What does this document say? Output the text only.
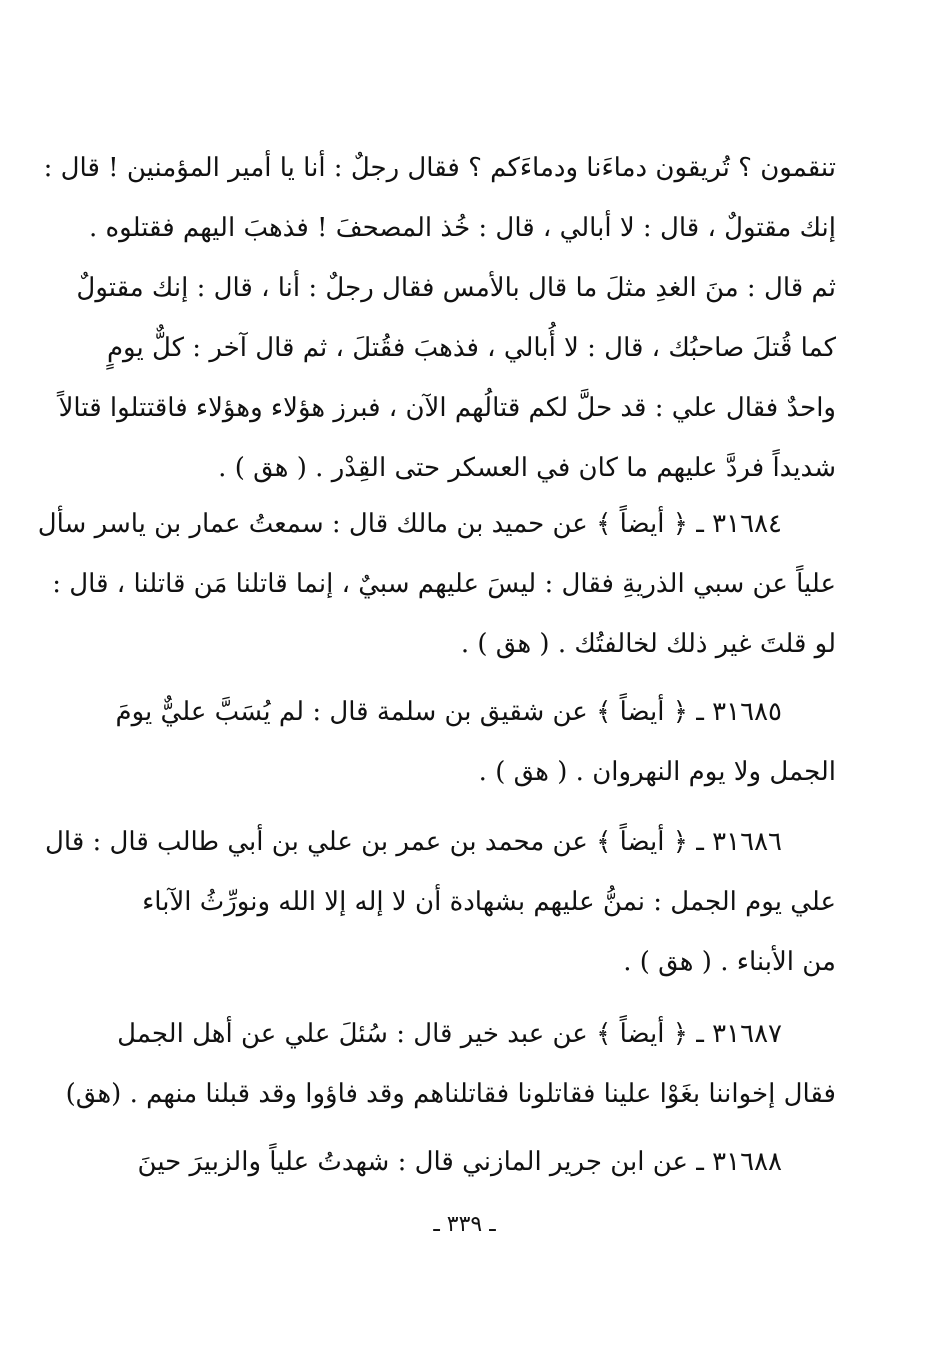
تنقمون ؟ تُريقون دماءَنا ودماءَكم ؟ فقال رجلٌ : أنا يا أمير المؤمنين ! قال :
إنك مقتولٌ ، قال : لا أبالي ، قال : خُذ المصحفَ ! فذهبَ اليهم فقتلوه .
ثم قال : منَ الغدِ مثلَ ما قال بالأمس فقال رجلٌ : أنا ، قال : إنك مقتولٌ
كما قُتلَ صاحبُك ، قال : لا أُبالي ، فذهبَ فقُتلَ ، ثم قال آخر : كلٌّ يومٍ
واحدٌ فقال علي : قد حلَّ لكم قتالُهم الآن ، فبرز هؤلاء وهؤلاء فاقتتلوا قتالاً
شديداً فردَّ عليهم ما كان في العسكر حتى القِدْر . ( هق ) .
٣١٦٨٤ ـ ﴿ أيضاً ﴾ عن حميد بن مالك قال : سمعتُ عمار بن ياسر سأل
علياً عن سبي الذريةِ فقال : ليسَ عليهم سبيٌ ، إنما قاتلنا مَن قاتلنا ، قال :
لو قلتَ غير ذلك لخالفتُك . ( هق ) .
٣١٦٨٥ ـ ﴿ أيضاً ﴾ عن شقيق بن سلمة قال : لم يُسَبَّ عليٌّ يومَ
الجمل ولا يوم النهروان . ( هق ) .
٣١٦٨٦ ـ ﴿ أيضاً ﴾ عن محمد بن عمر بن علي بن أبي طالب قال : قال
علي يوم الجمل : نمنُّ عليهم بشهادة أن لا إله إلا الله ونورِّثُ الآباء
من الأبناء . ( هق ) .
٣١٦٨٧ ـ ﴿ أيضاً ﴾ عن عبد خير قال : سُئلَ علي عن أهل الجمل
فقال إخواننا بغَوْا علينا فقاتلونا فقاتلناهم وقد فاؤوا وقد قبلنا منهم . (هق)
٣١٦٨٨ ـ عن ابن جرير المازني قال : شهدتُ علياً والزبيرَ حينَ
ـ ٣٣٩ ـ
